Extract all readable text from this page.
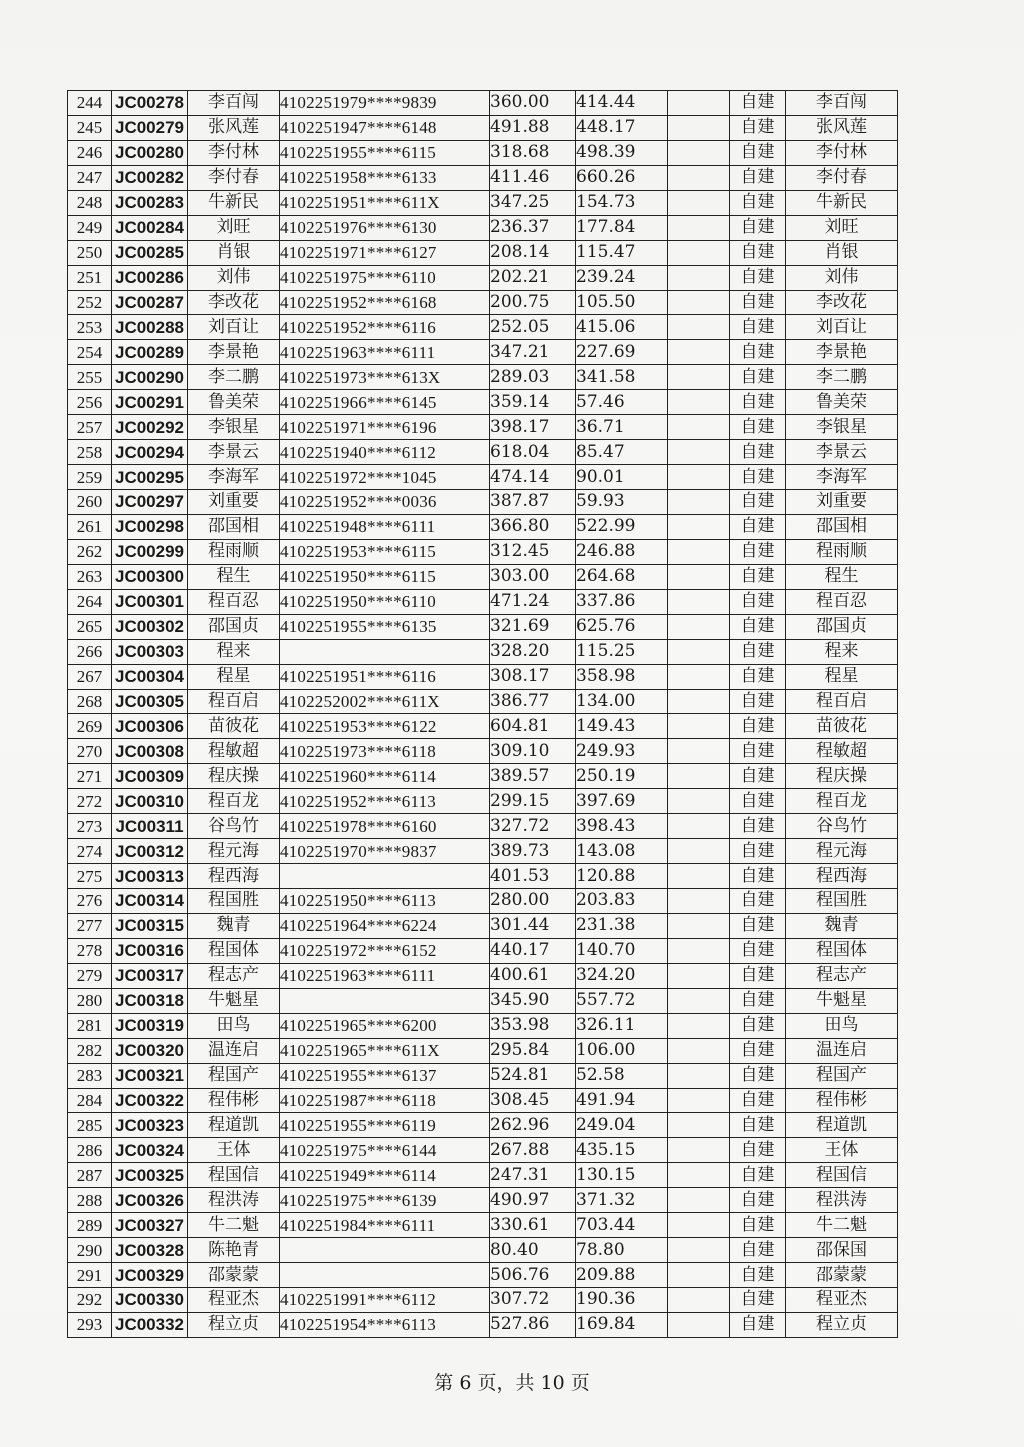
244	JC00278	李百闯	4102251979****9839	360.00	414.44		自建	李百闯
245	JC00279	张风莲	4102251947****6148	491.88	448.17		自建	张风莲
246	JC00280	李付林	4102251955****6115	318.68	498.39		自建	李付林
247	JC00282	李付春	4102251958****6133	411.46	660.26		自建	李付春
248	JC00283	牛新民	4102251951****611X	347.25	154.73		自建	牛新民
249	JC00284	刘旺	4102251976****6130	236.37	177.84		自建	刘旺
250	JC00285	肖银	4102251971****6127	208.14	115.47		自建	肖银
251	JC00286	刘伟	4102251975****6110	202.21	239.24		自建	刘伟
252	JC00287	李改花	4102251952****6168	200.75	105.50		自建	李改花
253	JC00288	刘百让	4102251952****6116	252.05	415.06		自建	刘百让
254	JC00289	李景艳	4102251963****6111	347.21	227.69		自建	李景艳
255	JC00290	李二鹏	4102251973****613X	289.03	341.58		自建	李二鹏
256	JC00291	鲁美荣	4102251966****6145	359.14	57.46		自建	鲁美荣
257	JC00292	李银星	4102251971****6196	398.17	36.71		自建	李银星
258	JC00294	李景云	4102251940****6112	618.04	85.47		自建	李景云
259	JC00295	李海军	4102251972****1045	474.14	90.01		自建	李海军
260	JC00297	刘重要	4102251952****0036	387.87	59.93		自建	刘重要
261	JC00298	邵国相	4102251948****6111	366.80	522.99		自建	邵国相
262	JC00299	程雨顺	4102251953****6115	312.45	246.88		自建	程雨顺
263	JC00300	程生	4102251950****6115	303.00	264.68		自建	程生
264	JC00301	程百忍	4102251950****6110	471.24	337.86		自建	程百忍
265	JC00302	邵国贞	4102251955****6135	321.69	625.76		自建	邵国贞
266	JC00303	程来		328.20	115.25		自建	程来
267	JC00304	程星	4102251951****6116	308.17	358.98		自建	程星
268	JC00305	程百启	4102252002****611X	386.77	134.00		自建	程百启
269	JC00306	苗彼花	4102251953****6122	604.81	149.43		自建	苗彼花
270	JC00308	程敏超	4102251973****6118	309.10	249.93		自建	程敏超
271	JC00309	程庆操	4102251960****6114	389.57	250.19		自建	程庆操
272	JC00310	程百龙	4102251952****6113	299.15	397.69		自建	程百龙
273	JC00311	谷鸟竹	4102251978****6160	327.72	398.43		自建	谷鸟竹
274	JC00312	程元海	4102251970****9837	389.73	143.08		自建	程元海
275	JC00313	程西海		401.53	120.88		自建	程西海
276	JC00314	程国胜	4102251950****6113	280.00	203.83		自建	程国胜
277	JC00315	魏青	4102251964****6224	301.44	231.38		自建	魏青
278	JC00316	程国体	4102251972****6152	440.17	140.70		自建	程国体
279	JC00317	程志产	4102251963****6111	400.61	324.20		自建	程志产
280	JC00318	牛魁星		345.90	557.72		自建	牛魁星
281	JC00319	田鸟	4102251965****6200	353.98	326.11		自建	田鸟
282	JC00320	温连启	4102251965****611X	295.84	106.00		自建	温连启
283	JC00321	程国产	4102251955****6137	524.81	52.58		自建	程国产
284	JC00322	程伟彬	4102251987****6118	308.45	491.94		自建	程伟彬
285	JC00323	程道凯	4102251955****6119	262.96	249.04		自建	程道凯
286	JC00324	王体	4102251975****6144	267.88	435.15		自建	王体
287	JC00325	程国信	4102251949****6114	247.31	130.15		自建	程国信
288	JC00326	程洪涛	4102251975****6139	490.97	371.32		自建	程洪涛
289	JC00327	牛二魁	4102251984****6111	330.61	703.44		自建	牛二魁
290	JC00328	陈艳青		80.40	78.80		自建	邵保国
291	JC00329	邵蒙蒙		506.76	209.88		自建	邵蒙蒙
292	JC00330	程亚杰	4102251991****6112	307.72	190.36		自建	程亚杰
293	JC00332	程立贞	4102251954****6113	527.86	169.84		自建	程立贞
第 6 页，共 10 页
